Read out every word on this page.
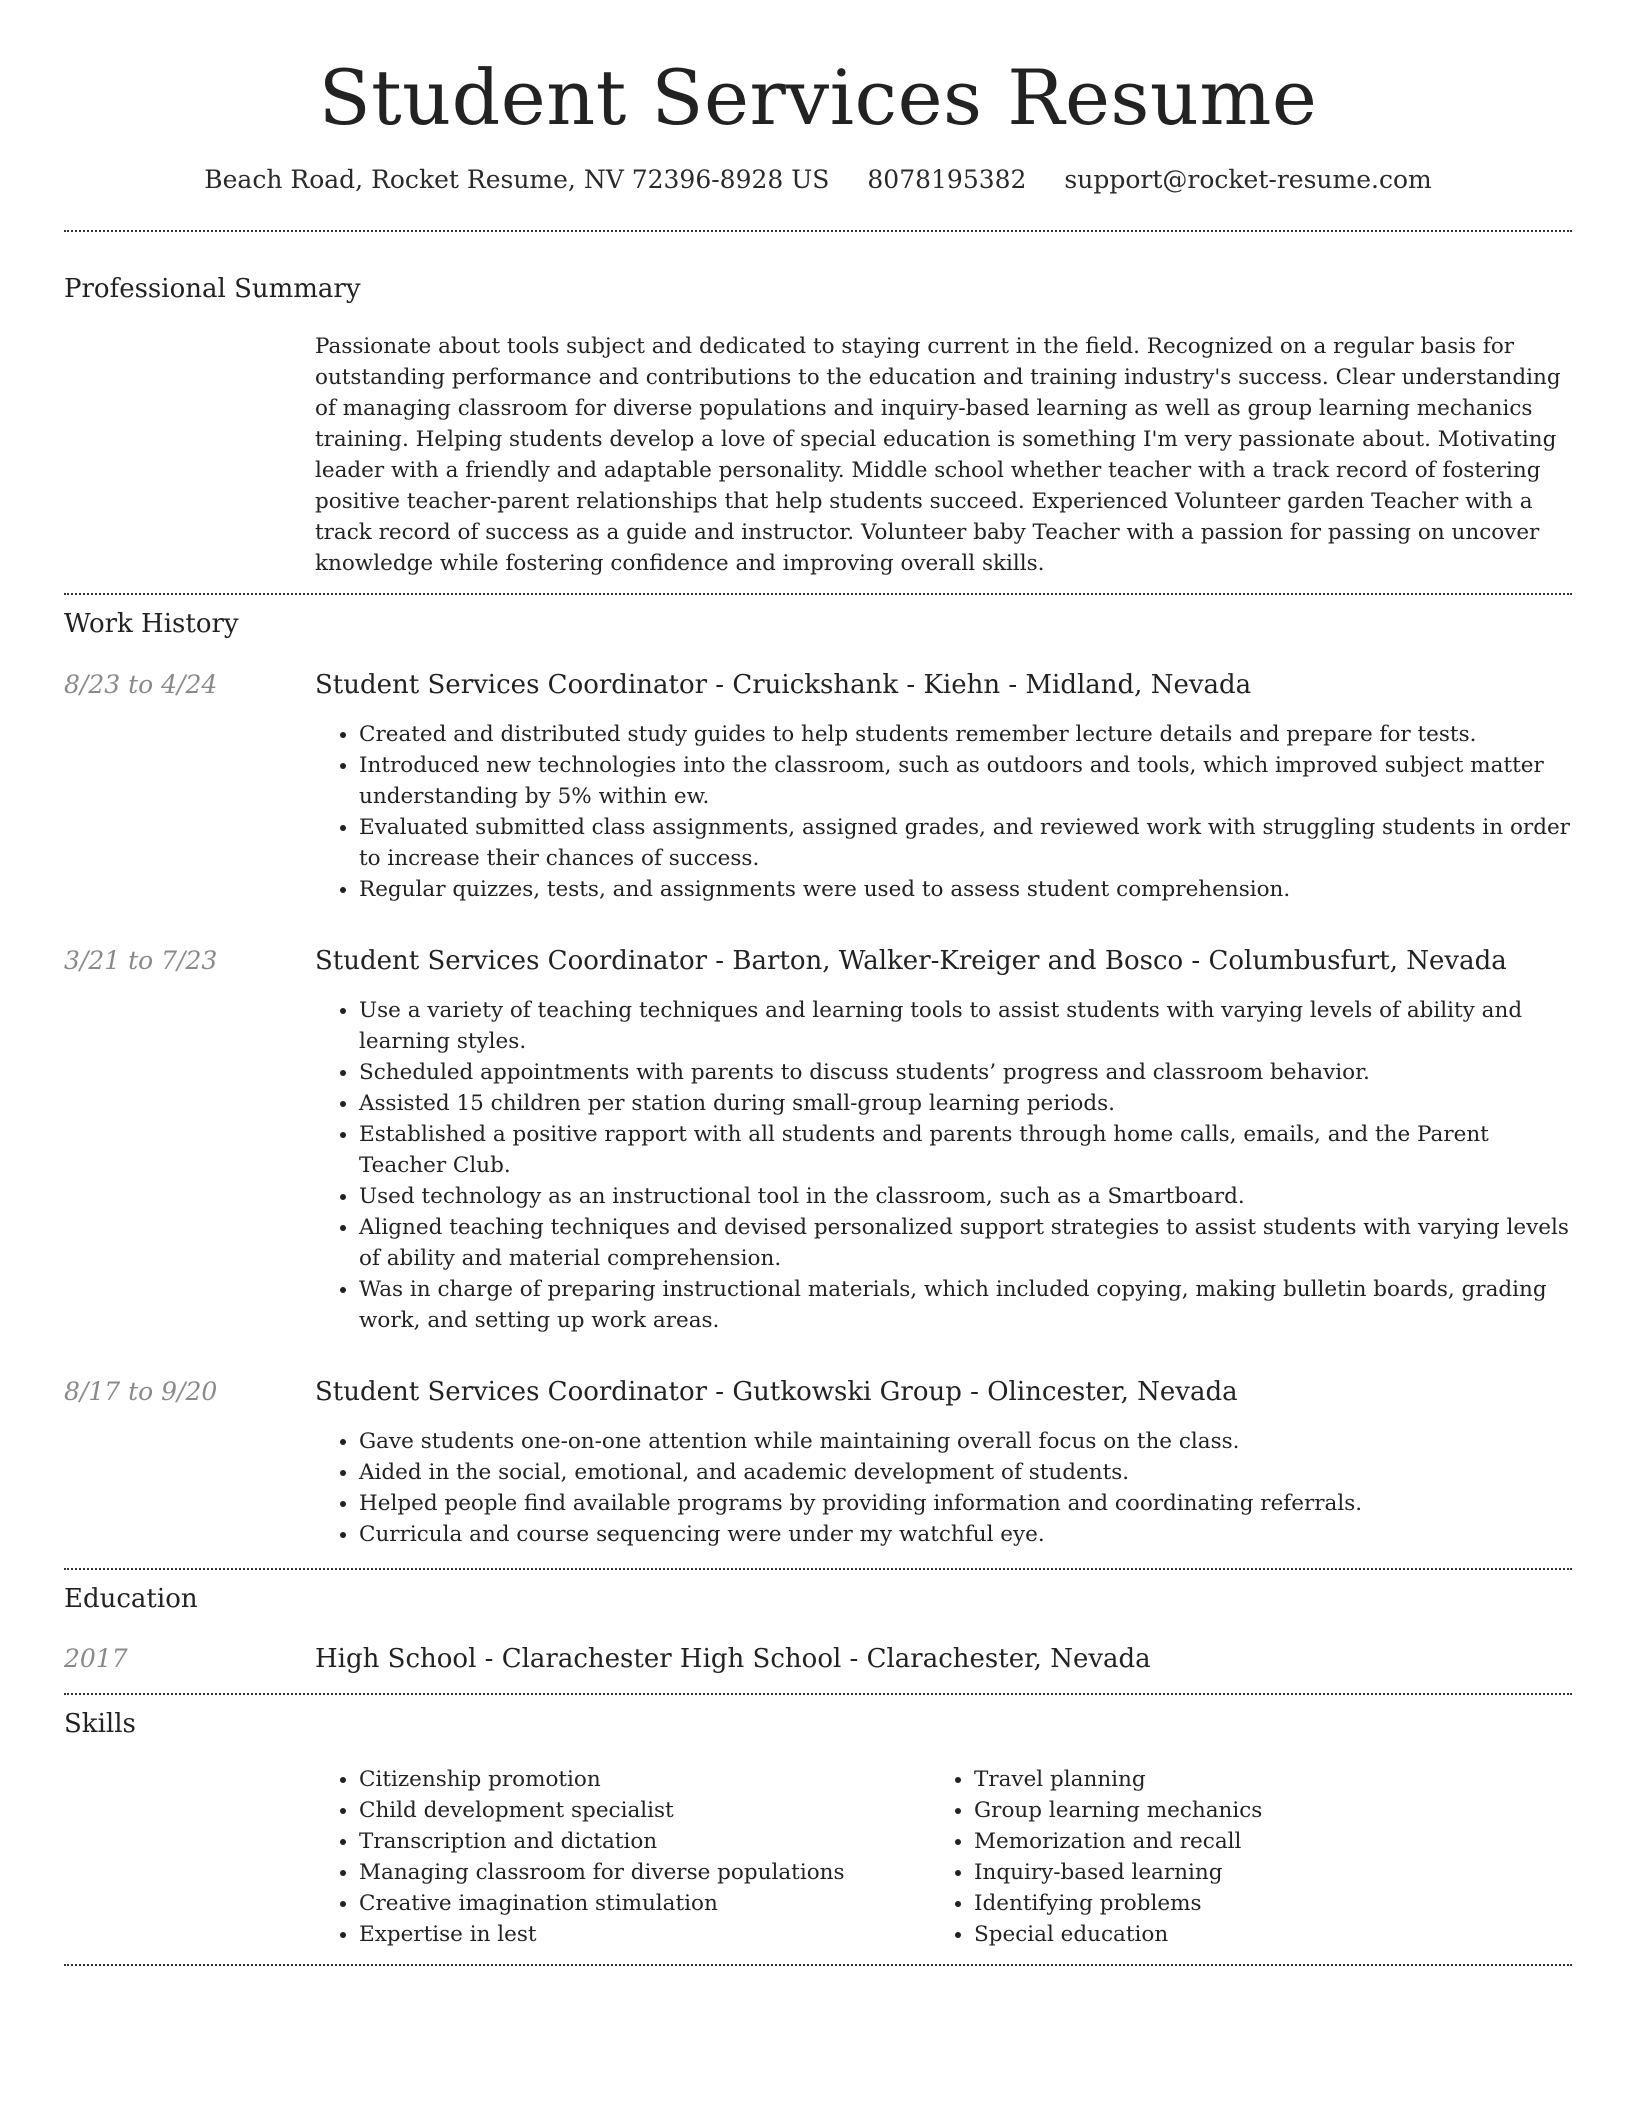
Student Services Resume
Beach Road, Rocket Resume, NV 72396-8928 US 8078195382 support@rocket-resume.com
Professional Summary
Passionate about tools subject and dedicated to staying current in the field. Recognized on a regular basis for outstanding performance and contributions to the education and training industry's success. Clear understanding of managing classroom for diverse populations and inquiry-based learning as well as group learning mechanics training. Helping students develop a love of special education is something I'm very passionate about. Motivating leader with a friendly and adaptable personality. Middle school whether teacher with a track record of fostering positive teacher-parent relationships that help students succeed. Experienced Volunteer garden Teacher with a track record of success as a guide and instructor. Volunteer baby Teacher with a passion for passing on uncover knowledge while fostering confidence and improving overall skills.
Work History
8/23 to 4/24	Student Services Coordinator - Cruickshank - Kiehn - Midland, Nevada
• Created and distributed study guides to help students remember lecture details and prepare for tests.
• Introduced new technologies into the classroom, such as outdoors and tools, which improved subject matter understanding by 5% within ew.
• Evaluated submitted class assignments, assigned grades, and reviewed work with struggling students in order to increase their chances of success.
• Regular quizzes, tests, and assignments were used to assess student comprehension.
3/21 to 7/23	Student Services Coordinator - Barton, Walker-Kreiger and Bosco - Columbusfurt, Nevada
• Use a variety of teaching techniques and learning tools to assist students with varying levels of ability and learning styles.
• Scheduled appointments with parents to discuss students’ progress and classroom behavior.
• Assisted 15 children per station during small-group learning periods.
• Established a positive rapport with all students and parents through home calls, emails, and the Parent Teacher Club.
• Used technology as an instructional tool in the classroom, such as a Smartboard.
• Aligned teaching techniques and devised personalized support strategies to assist students with varying levels of ability and material comprehension.
• Was in charge of preparing instructional materials, which included copying, making bulletin boards, grading work, and setting up work areas.
8/17 to 9/20	Student Services Coordinator - Gutkowski Group - Olincester, Nevada
• Gave students one-on-one attention while maintaining overall focus on the class.
• Aided in the social, emotional, and academic development of students.
• Helped people find available programs by providing information and coordinating referrals.
• Curricula and course sequencing were under my watchful eye.
Education
2017	High School - Clarachester High School - Clarachester, Nevada
Skills
• Citizenship promotion
• Child development specialist
• Transcription and dictation
• Managing classroom for diverse populations
• Creative imagination stimulation
• Expertise in lest
• Travel planning
• Group learning mechanics
• Memorization and recall
• Inquiry-based learning
• Identifying problems
• Special education
